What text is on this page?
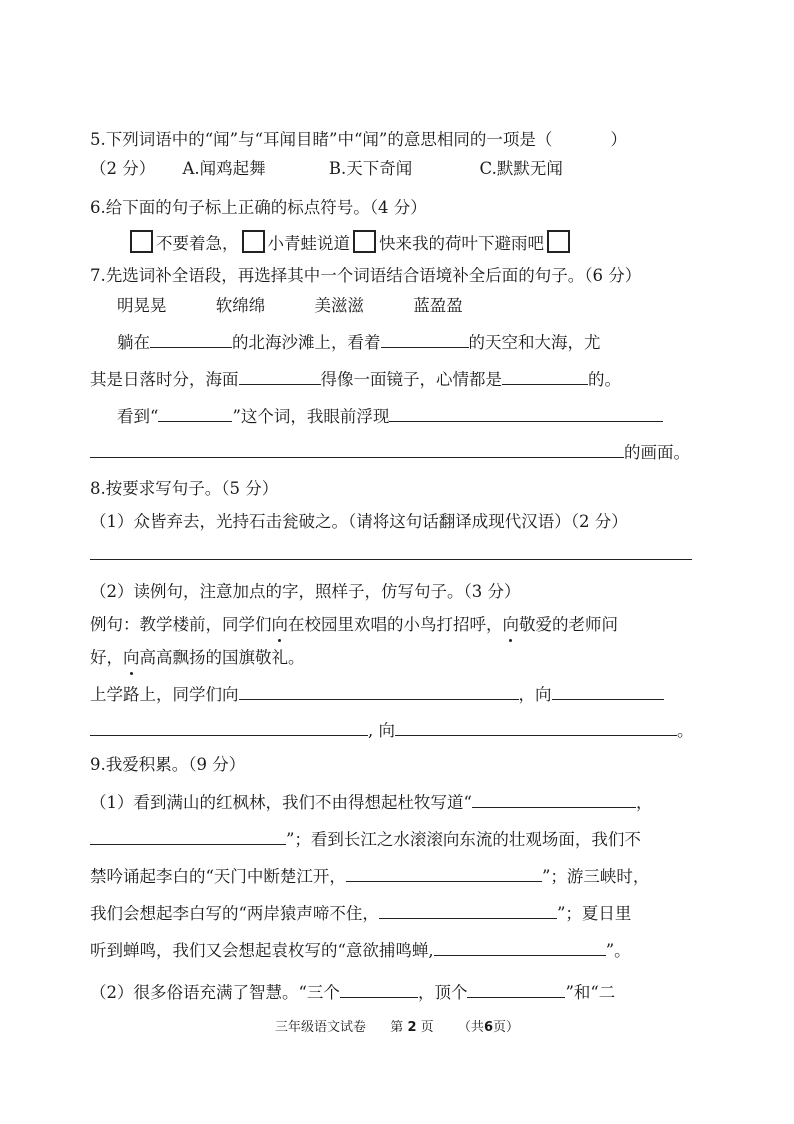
5.下列词语中的“闻”与“耳闻目睹”中“闻”的意思相同的一项是（	）
（2 分） A.闻鸡起舞	B.天下奇闻	C.默默无闻
6.给下面的句子标上正确的标点符号。（4 分）
不要着急， 小青蛙说道 快来我的荷叶下避雨吧
7.先选词补全语段，再选择其中一个词语结合语境补全后面的句子。（6 分）
明晃晃	软绵绵	美滋滋	蓝盈盈
躺在	的北海沙滩上，看着	的天空和大海，尤
其是日落时分，海面	得像一面镜子，心情都是	的。
看到“	”这个词，我眼前浮现
的画面。
8.按要求写句子。（5 分）
（1）众皆弃去，光持石击瓮破之。（请将这句话翻译成现代汉语）（2 分）
（2）读例句，注意加点的字，照样子，仿写句子。（3 分）
例句：教学楼前，同学们向在校园里欢唱的小鸟打招呼，向敬爱的老师问
好，向高高飘扬的国旗敬礼。
上学路上，同学们向	，向
, 向	。
9.我爱积累。（9 分）
（1）看到满山的红枫林，我们不由得想起杜牧写道“	，
”；看到长江之水滚滚向东流的壮观场面，我们不
禁吟诵起李白的“天门中断楚江开，	”；游三峡时，
我们会想起李白写的“两岸猿声啼不住，	”；夏日里
听到蝉鸣，我们又会想起袁枚写的“意欲捕鸣蝉,	”。
（2）很多俗语充满了智慧。“三个	，顶个	”和“二
三年级语文试卷 第 2 页 （共6页）
